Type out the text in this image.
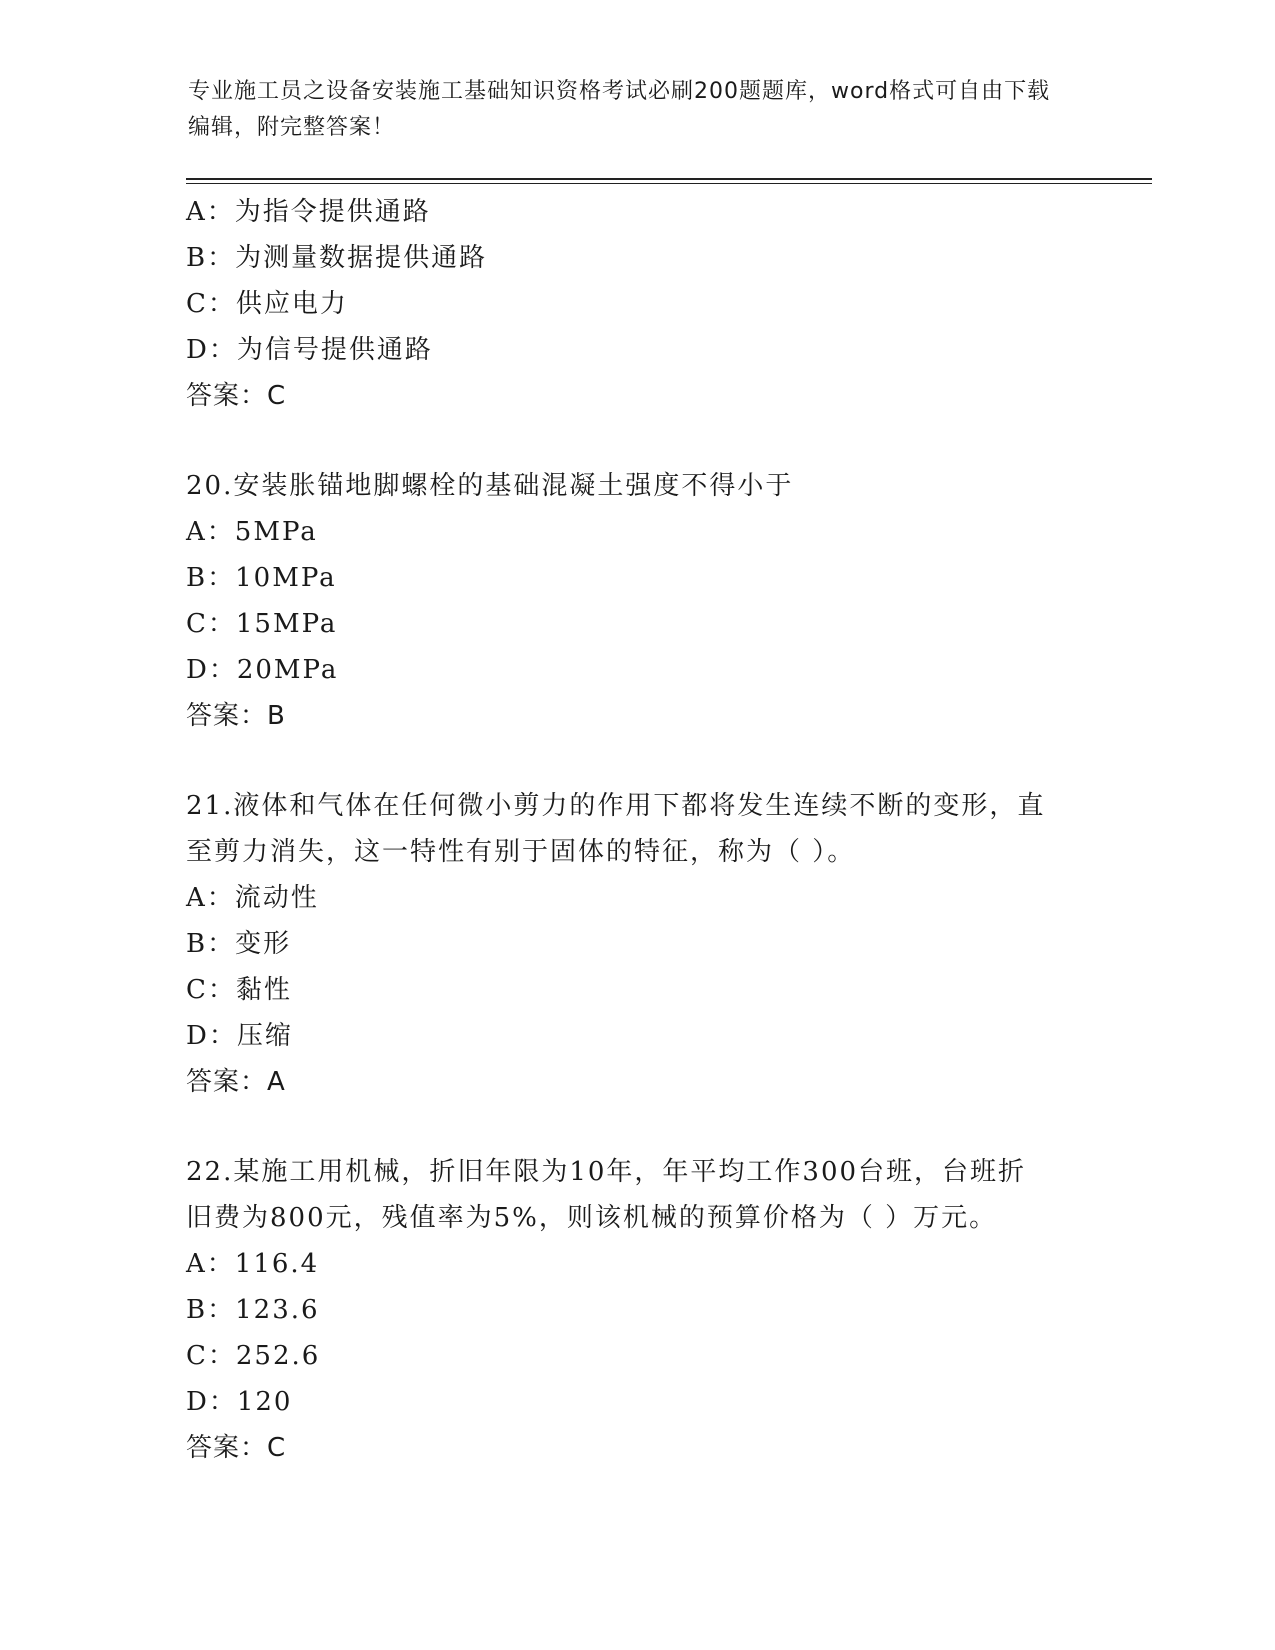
专业施工员之设备安装施工基础知识资格考试必刷200题题库，word格式可自由下载编辑，附完整答案！
A：为指令提供通路
B：为测量数据提供通路
C：供应电力
D：为信号提供通路
答案：C
20.安装胀锚地脚螺栓的基础混凝土强度不得小于
A：5MPa
B：10MPa
C：15MPa
D：20MPa
答案：B
21.液体和气体在任何微小剪力的作用下都将发生连续不断的变形，直
至剪力消失，这一特性有别于固体的特征，称为（ ）。
A：流动性
B：变形
C：黏性
D：压缩
答案：A
22.某施工用机械，折旧年限为10年，年平均工作300台班，台班折
旧费为800元，残值率为5%，则该机械的预算价格为（ ）万元。
A：116.4
B：123.6
C：252.6
D：120
答案：C
